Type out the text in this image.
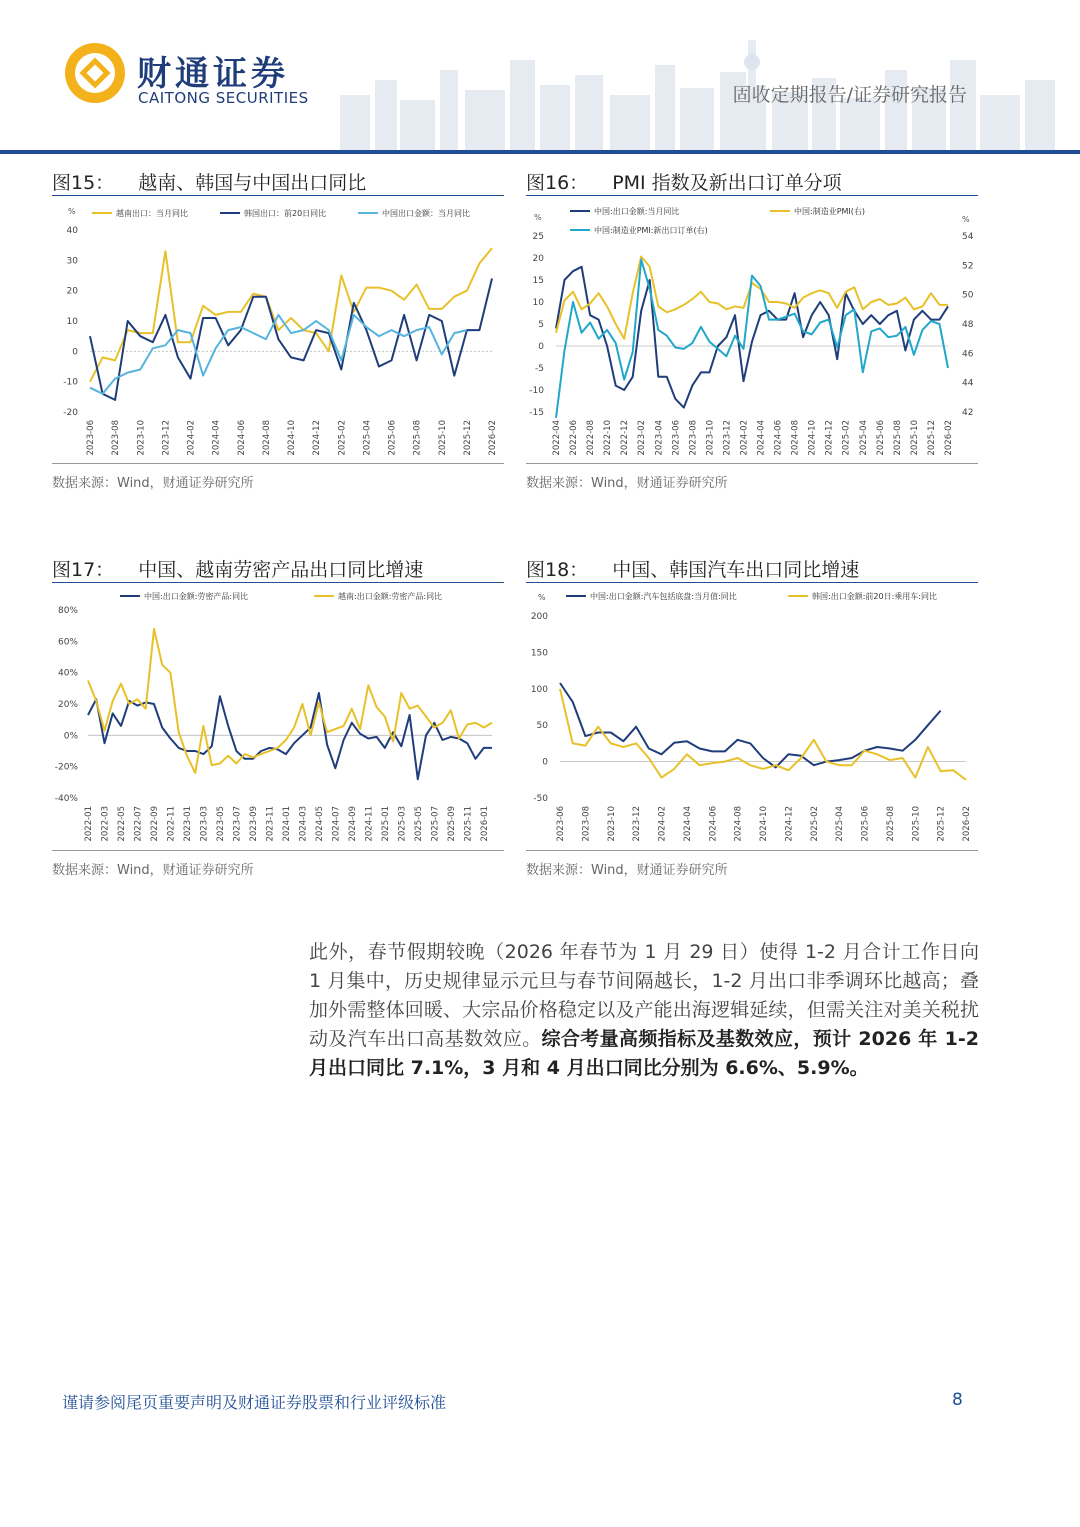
财通证券
CAITONG SECURITIES	固收定期报告/证券研究报告
图15： 越南、韩国与中国出口同比
%
-20
-10
0
10
20
30
40
2023-06 2023-08 2023-10 2023-12 2024-02 2024-04 2024-06 2024-08 2024-10 2024-12 2025-02 2025-04 2025-06 2025-08 2025-10 2025-12 2026-02
越南出口：当月同比	韩国出口：前20日同比	中国出口金额：当月同比
数据来源：Wind，财通证券研究所
图16： PMI 指数及新出口订单分项
%	%
-15
-10
-5
0
5
10
15
20
25
42
44
46
48
50
52
54
2022-04 2022-06 2022-08 2022-10 2022-12 2023-02 2023-04 2023-06 2023-08 2023-10 2023-12 2024-02 2024-04 2024-06 2024-08 2024-10 2024-12 2025-02 2025-04 2025-06 2025-08 2025-10 2025-12 2026-02
中国:出口金额:当月同比	中国:制造业PMI(右)
中国:制造业PMI:新出口订单(右)
数据来源：Wind，财通证券研究所
图17： 中国、越南劳密产品出口同比增速
80%
60%
40%
20%
0%
-20%
-40%
2022-01 2022-03 2022-05 2022-07 2022-09 2022-11 2023-01 2023-03 2023-05 2023-07 2023-09 2023-11 2024-01 2024-03 2024-05 2024-07 2024-09 2024-11 2025-01 2025-03 2025-05 2025-07 2025-09 2025-11 2026-01
中国:出口金额:劳密产品:同比	越南:出口金额:劳密产品:同比
数据来源：Wind，财通证券研究所
图18： 中国、韩国汽车出口同比增速
%
-50
0
50
100
150
200
2023-06 2023-08 2023-10 2023-12 2024-02 2024-04 2024-06 2024-08 2024-10 2024-12 2025-02 2025-04 2025-06 2025-08 2025-10 2025-12 2026-02
中国:出口金额:汽车包括底盘:当月值:同比	韩国:出口金额:前20日:乘用车:同比
数据来源：Wind，财通证券研究所
此外，春节假期较晚（2026 年春节为 1 月 29 日）使得 1-2 月合计工作日向 1 月集中，历史规律显示元旦与春节间隔越长，1-2 月出口非季调环比越高；叠加外需整体回暖、大宗品价格稳定以及产能出海逻辑延续，但需关注对美关税扰动及汽车出口高基数效应。综合考量高频指标及基数效应，预计 2026 年 1-2 月出口同比 7.1%，3 月和 4 月出口同比分别为 6.6%、5.9%。
谨请参阅尾页重要声明及财通证券股票和行业评级标准	8
